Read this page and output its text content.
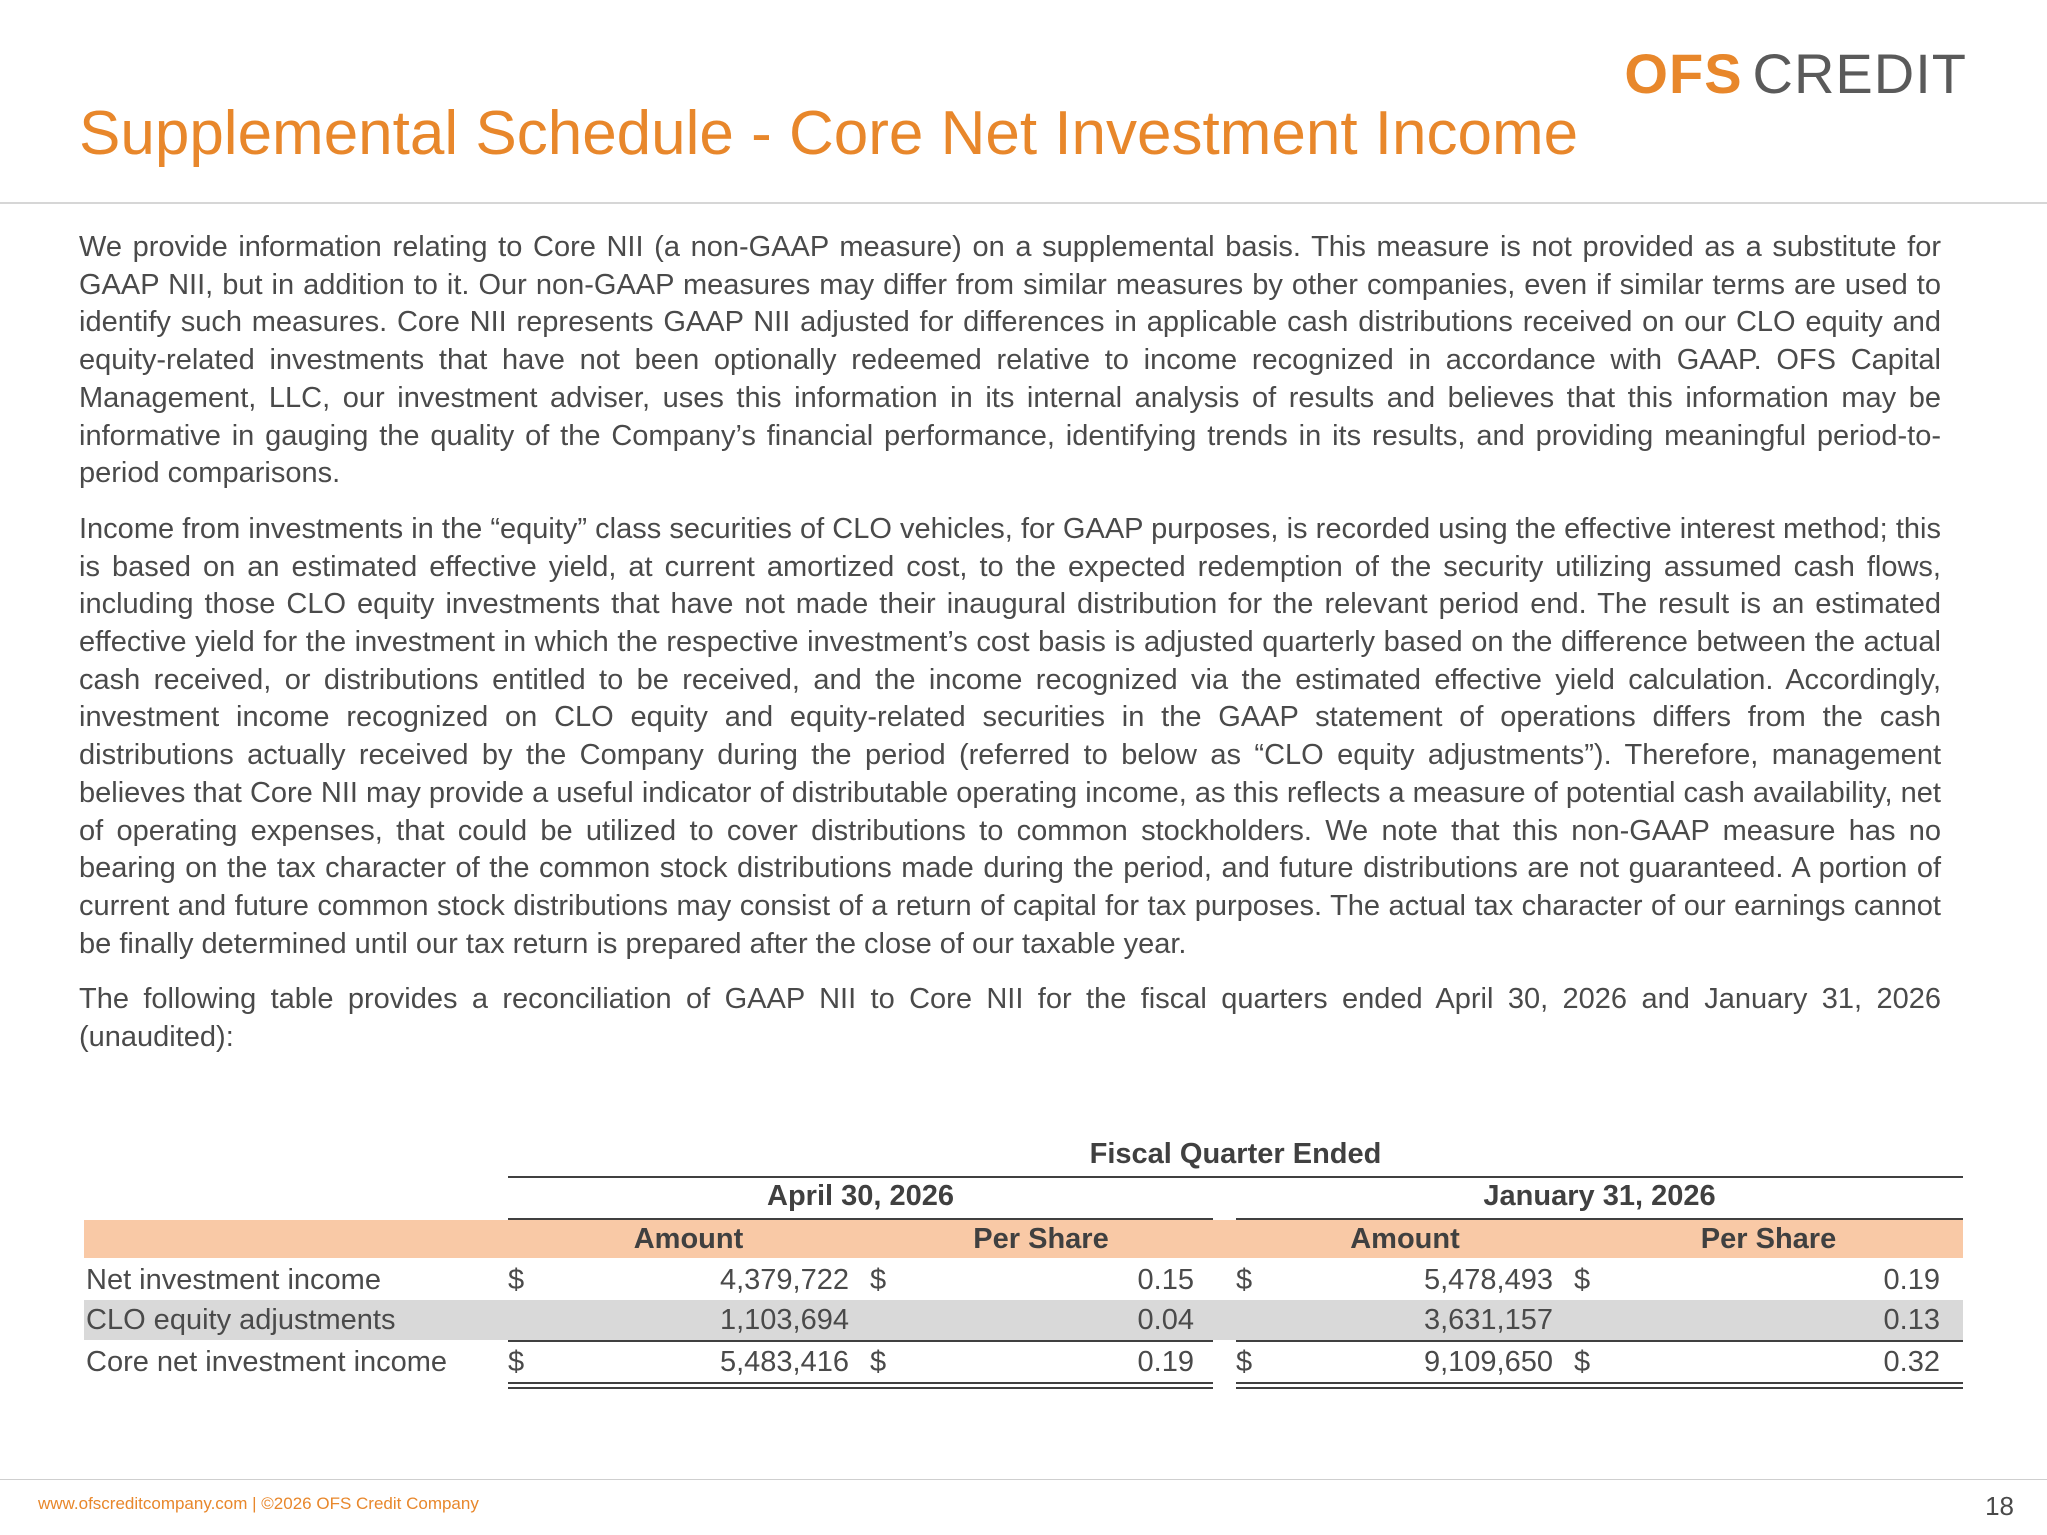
OFS CREDIT
Supplemental Schedule - Core Net Investment Income

We provide information relating to Core NII (a non-GAAP measure) on a supplemental basis. This measure is not provided as a substitute for GAAP NII, but in addition to it. Our non-GAAP measures may differ from similar measures by other companies, even if similar terms are used to identify such measures. Core NII represents GAAP NII adjusted for differences in applicable cash distributions received on our CLO equity and equity-related investments that have not been optionally redeemed relative to income recognized in accordance with GAAP. OFS Capital Management, LLC, our investment adviser, uses this information in its internal analysis of results and believes that this information may be informative in gauging the quality of the Company’s financial performance, identifying trends in its results, and providing meaningful period-to-period comparisons.

Income from investments in the “equity” class securities of CLO vehicles, for GAAP purposes, is recorded using the effective interest method; this is based on an estimated effective yield, at current amortized cost, to the expected redemption of the security utilizing assumed cash flows, including those CLO equity investments that have not made their inaugural distribution for the relevant period end. The result is an estimated effective yield for the investment in which the respective investment’s cost basis is adjusted quarterly based on the difference between the actual cash received, or distributions entitled to be received, and the income recognized via the estimated effective yield calculation. Accordingly, investment income recognized on CLO equity and equity-related securities in the GAAP statement of operations differs from the cash distributions actually received by the Company during the period (referred to below as “CLO equity adjustments”). Therefore, management believes that Core NII may provide a useful indicator of distributable operating income, as this reflects a measure of potential cash availability, net of operating expenses, that could be utilized to cover distributions to common stockholders. We note that this non-GAAP measure has no bearing on the tax character of the common stock distributions made during the period, and future distributions are not guaranteed. A portion of current and future common stock distributions may consist of a return of capital for tax purposes. The actual tax character of our earnings cannot be finally determined until our tax return is prepared after the close of our taxable year.

The following table provides a reconciliation of GAAP NII to Core NII for the fiscal quarters ended April 30, 2026 and January 31, 2026 (unaudited):

Fiscal Quarter Ended
April 30, 2026	January 31, 2026
Amount	Per Share	Amount	Per Share
Net investment income	$	4,379,722 $	0.15 $	5,478,493 $	0.19
CLO equity adjustments	1,103,694	0.04	3,631,157	0.13
Core net investment income $	5,483,416 $	0.19 $	9,109,650 $	0.32
www.ofscreditcompany.com | ©2026 OFS Credit Company	18
